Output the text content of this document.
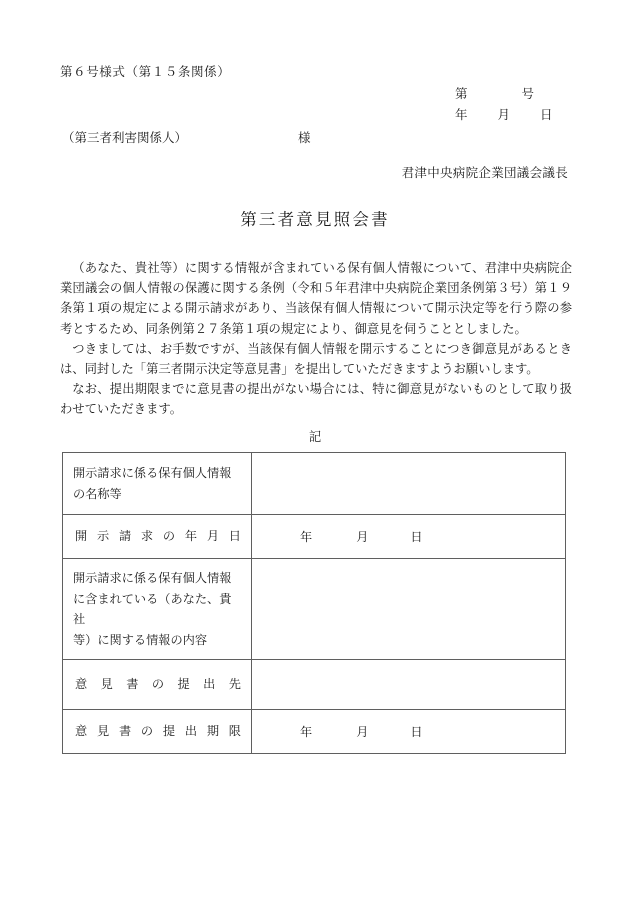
第６号様式（第１５条関係）
第	号
年 月 日
（第三者利害関係人）	様
君津中央病院企業団議会議長
第三者意見照会書

（あなた、貴社等）に関する情報が含まれている保有個人情報について、君津中央病院企業団議会の個人情報の保護に関する条例（令和５年君津中央病院企業団条例第３号）第１９条第１項の規定による開示請求があり、当該保有個人情報について開示決定等を行う際の参考とするため、同条例第２７条第１項の規定により、御意見を伺うこととしました。

つきましては、お手数ですが、当該保有個人情報を開示することにつき御意見があるときは、同封した「第三者開示決定等意見書」を提出していただきますようお願いします。

なお、提出期限までに意見書の提出がない場合には、特に御意見がないものとして取り扱わせていただきます。

記
開示請求に係る保有個人情報
の名称等	

開示請求の年月日	年 月 日

開示請求に係る保有個人情報
に含まれている（あなた、貴社
等）に関する情報の内容	

意見書の提出先	

意見書の提出期限	年 月 日
